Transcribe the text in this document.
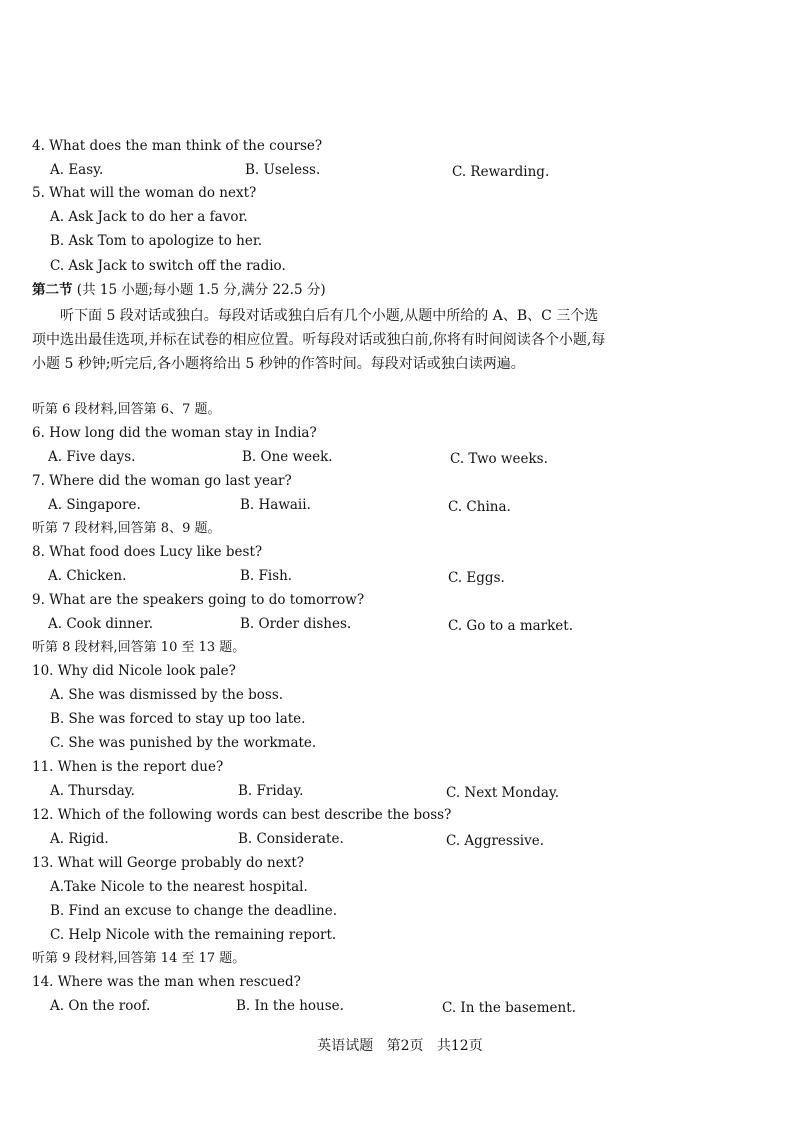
4. What does the man think of the course?
A. Easy.	B. Useless.	C. Rewarding.
5. What will the woman do next?
A. Ask Jack to do her a favor.
B. Ask Tom to apologize to her.
C. Ask Jack to switch off the radio.
第二节 (共 15 小题;每小题 1.5 分,满分 22.5 分)
听下面 5 段对话或独白。每段对话或独白后有几个小题,从题中所给的 A、B、C 三个选项中选出最佳选项,并标在试卷的相应位置。听每段对话或独白前,你将有时间阅读各个小题,每小题 5 秒钟;听完后,各小题将给出 5 秒钟的作答时间。每段对话或独白读两遍。
听第 6 段材料,回答第 6、7 题。
6. How long did the woman stay in India?
A. Five days.	B. One week.	C. Two weeks.
7. Where did the woman go last year?
A. Singapore.	B. Hawaii.	C. China.
听第 7 段材料,回答第 8、9 题。
8. What food does Lucy like best?
A. Chicken.	B. Fish.	C. Eggs.
9. What are the speakers going to do tomorrow?
A. Cook dinner.	B. Order dishes.	C. Go to a market.
听第 8 段材料,回答第 10 至 13 题。
10. Why did Nicole look pale?
A. She was dismissed by the boss.
B. She was forced to stay up too late.
C. She was punished by the workmate.
11. When is the report due?
A. Thursday.	B. Friday.	C. Next Monday.
12. Which of the following words can best describe the boss?
A. Rigid.	B. Considerate.	C. Aggressive.
13. What will George probably do next?
A.Take Nicole to the nearest hospital.
B. Find an excuse to change the deadline.
C. Help Nicole with the remaining report.
听第 9 段材料,回答第 14 至 17 题。
14. Where was the man when rescued?
A. On the roof.	B. In the house.	C. In the basement.
英语试题   第2页   共12页
